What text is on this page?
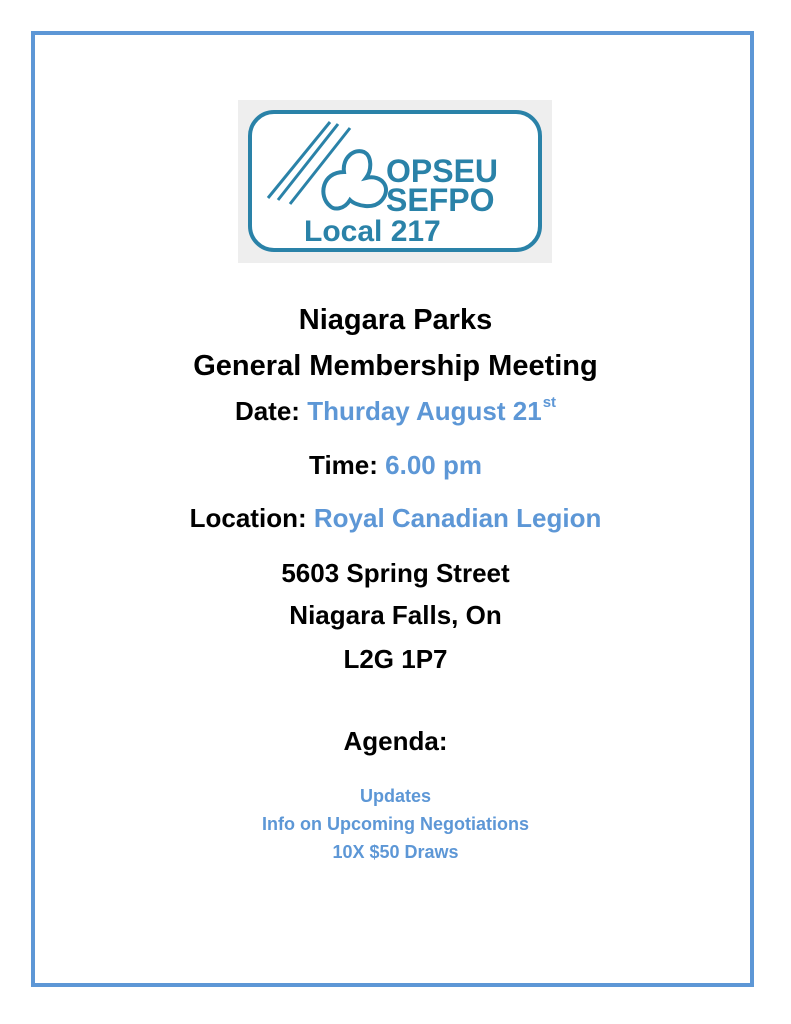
OPSEU
SEFPO
Local 217
Niagara Parks
General Membership Meeting
Date: Thurday August 21st
Time: 6.00 pm
Location: Royal Canadian Legion
5603 Spring Street
Niagara Falls, On
L2G 1P7
Agenda:
Updates
Info on Upcoming Negotiations
10X $50 Draws
